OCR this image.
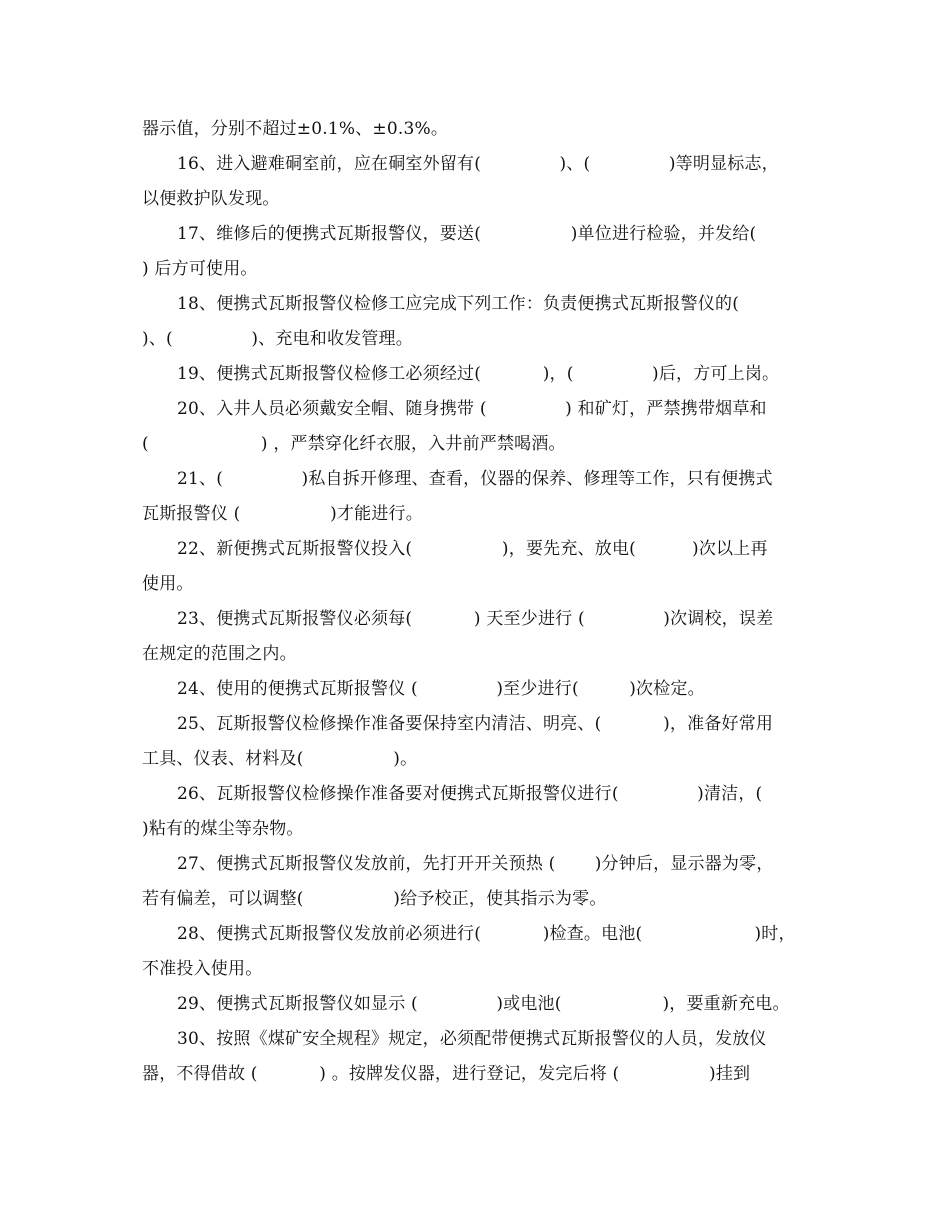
器示值，分别不超过±0.1%、±0.3%。
16、进入避难硐室前，应在硐室外留有(              )、(              )等明显标志，
以便救护队发现。
17、维修后的便携式瓦斯报警仪，要送(                )单位进行检验，并发给(
) 后方可使用。
18、便携式瓦斯报警仪检修工应完成下列工作：负责便携式瓦斯报警仪的(
)、(              )、充电和收发管理。
19、便携式瓦斯报警仪检修工必须经过(           )，(              )后，方可上岗。
20、入井人员必须戴安全帽、随身携带 (              ) 和矿灯，严禁携带烟草和
(                    ) ，严禁穿化纤衣服，入井前严禁喝酒。
21、(              )私自拆开修理、查看，仪器的保养、修理等工作，只有便携式
瓦斯报警仪 (                )才能进行。
22、新便携式瓦斯报警仪投入(                )，要先充、放电(          )次以上再
使用。
23、便携式瓦斯报警仪必须每(           ) 天至少进行 (              )次调校，误差
在规定的范围之内。
24、使用的便携式瓦斯报警仪 (              )至少进行(         )次检定。
25、瓦斯报警仪检修操作准备要保持室内清洁、明亮、(           )，准备好常用
工具、仪表、材料及(                )。
26、瓦斯报警仪检修操作准备要对便携式瓦斯报警仪进行(              )清洁，(
)粘有的煤尘等杂物。
27、便携式瓦斯报警仪发放前，先打开开关预热 (       )分钟后，显示器为零，
若有偏差，可以调整(                )给予校正，使其指示为零。
28、便携式瓦斯报警仪发放前必须进行(           )检查。电池(                    )时，
不准投入使用。
29、便携式瓦斯报警仪如显示 (              )或电池(                  )，要重新充电。
30、按照《煤矿安全规程》规定，必须配带便携式瓦斯报警仪的人员，发放仪
器，不得借故 (           ) 。按牌发仪器，进行登记，发完后将 (                )挂到
